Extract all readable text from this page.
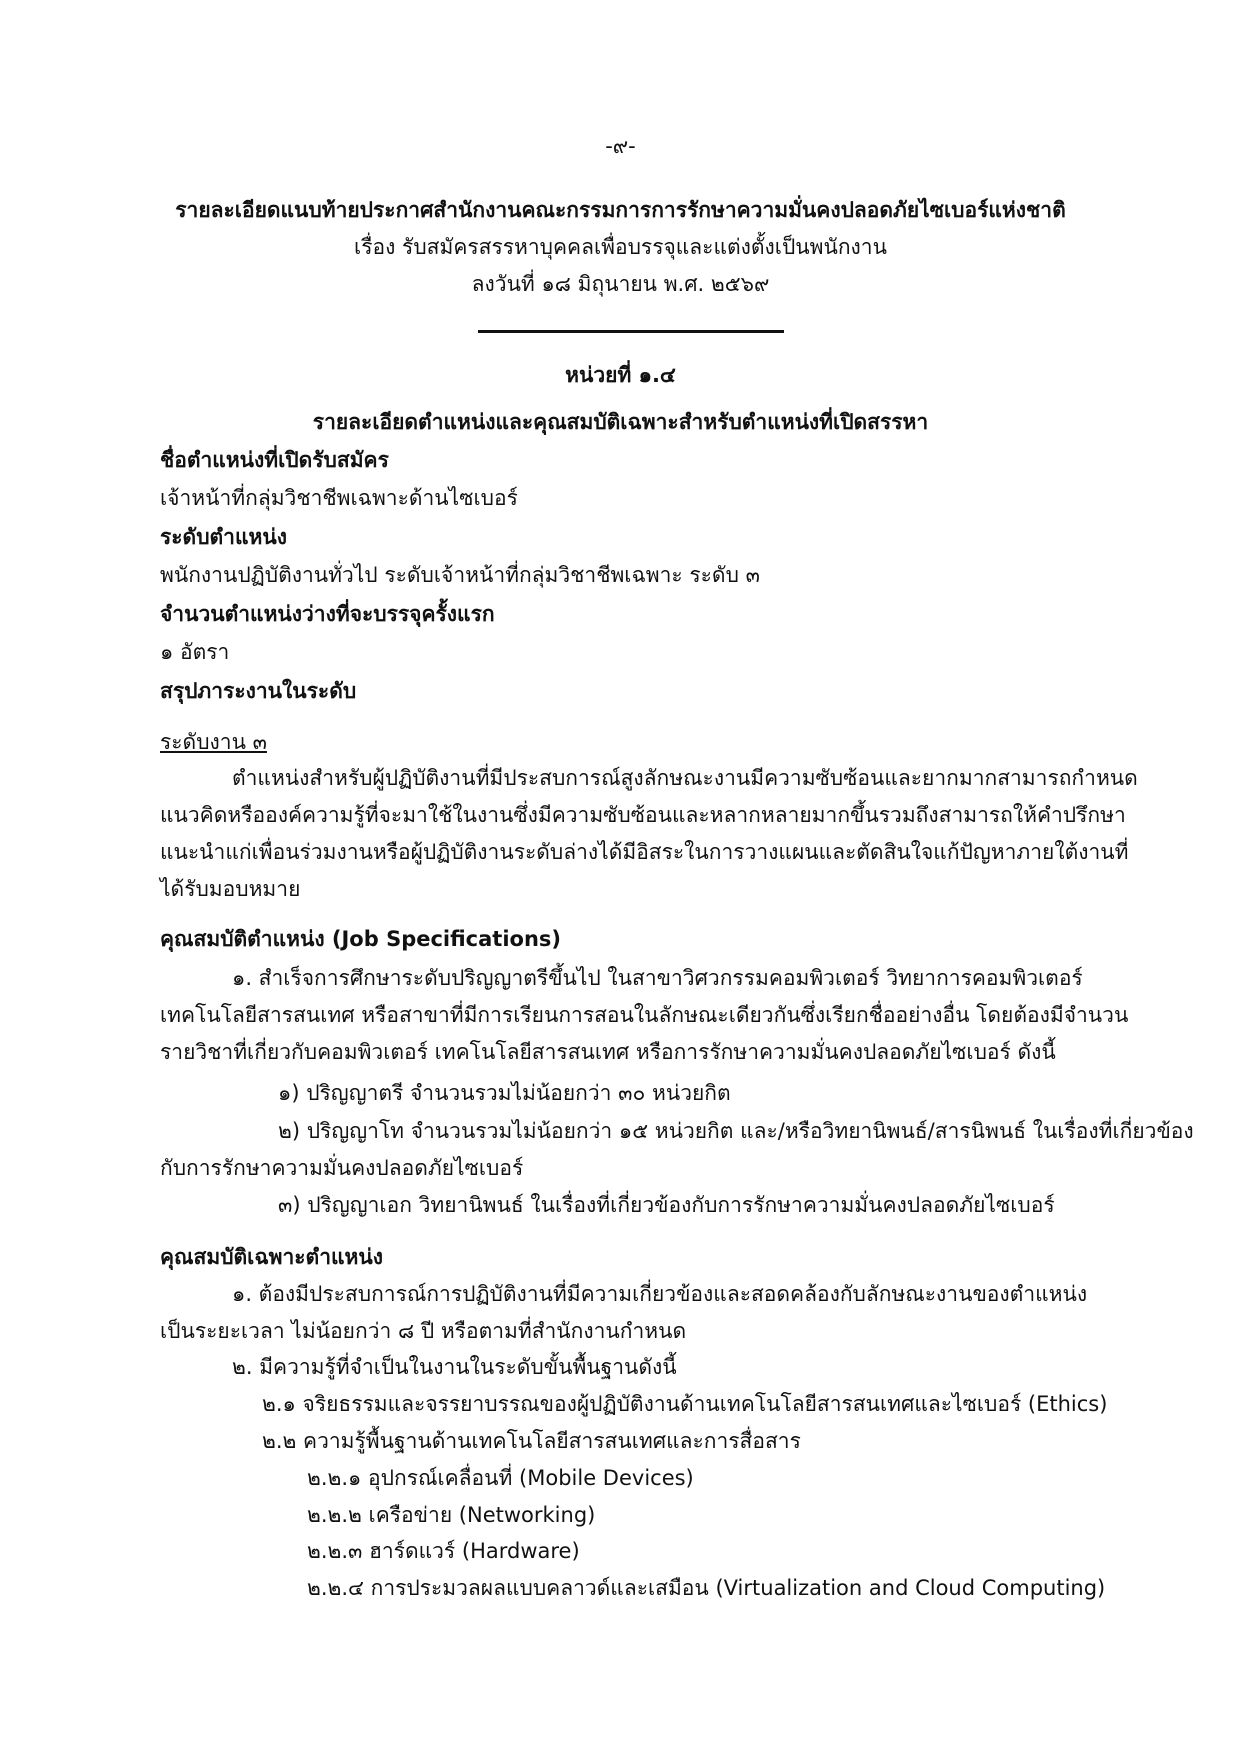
-๙-
รายละเอียดแนบท้ายประกาศสำนักงานคณะกรรมการการรักษาความมั่นคงปลอดภัยไซเบอร์แห่งชาติ
เรื่อง รับสมัครสรรหาบุคคลเพื่อบรรจุและแต่งตั้งเป็นพนักงาน
ลงวันที่ ๑๘ มิถุนายน พ.ศ. ๒๕๖๙
หน่วยที่ ๑.๔
รายละเอียดตำแหน่งและคุณสมบัติเฉพาะสำหรับตำแหน่งที่เปิดสรรหา
ชื่อตำแหน่งที่เปิดรับสมัคร
เจ้าหน้าที่กลุ่มวิชาชีพเฉพาะด้านไซเบอร์
ระดับตำแหน่ง
พนักงานปฏิบัติงานทั่วไป ระดับเจ้าหน้าที่กลุ่มวิชาชีพเฉพาะ ระดับ ๓
จำนวนตำแหน่งว่างที่จะบรรจุครั้งแรก
๑ อัตรา
สรุปภาระงานในระดับ
ระดับงาน ๓
ตำแหน่งสำหรับผู้ปฏิบัติงานที่มีประสบการณ์สูงลักษณะงานมีความซับซ้อนและยากมากสามารถกำหนด
แนวคิดหรือองค์ความรู้ที่จะมาใช้ในงานซึ่งมีความซับซ้อนและหลากหลายมากขึ้นรวมถึงสามารถให้คำปรึกษา
แนะนำแก่เพื่อนร่วมงานหรือผู้ปฏิบัติงานระดับล่างได้มีอิสระในการวางแผนและตัดสินใจแก้ปัญหาภายใต้งานที่
ได้รับมอบหมาย
คุณสมบัติตำแหน่ง (Job Specifications)
๑. สำเร็จการศึกษาระดับปริญญาตรีขึ้นไป ในสาขาวิศวกรรมคอมพิวเตอร์ วิทยาการคอมพิวเตอร์
เทคโนโลยีสารสนเทศ หรือสาขาที่มีการเรียนการสอนในลักษณะเดียวกันซึ่งเรียกชื่ออย่างอื่น โดยต้องมีจำนวน
รายวิชาที่เกี่ยวกับคอมพิวเตอร์ เทคโนโลยีสารสนเทศ หรือการรักษาความมั่นคงปลอดภัยไซเบอร์ ดังนี้
๑) ปริญญาตรี จำนวนรวมไม่น้อยกว่า ๓๐ หน่วยกิต
๒) ปริญญาโท จำนวนรวมไม่น้อยกว่า ๑๕ หน่วยกิต และ/หรือวิทยานิพนธ์/สารนิพนธ์ ในเรื่องที่เกี่ยวข้อง
กับการรักษาความมั่นคงปลอดภัยไซเบอร์
๓) ปริญญาเอก วิทยานิพนธ์ ในเรื่องที่เกี่ยวข้องกับการรักษาความมั่นคงปลอดภัยไซเบอร์
คุณสมบัติเฉพาะตำแหน่ง
๑. ต้องมีประสบการณ์การปฏิบัติงานที่มีความเกี่ยวข้องและสอดคล้องกับลักษณะงานของตำแหน่ง
เป็นระยะเวลา ไม่น้อยกว่า ๘ ปี หรือตามที่สำนักงานกำหนด
๒. มีความรู้ที่จำเป็นในงานในระดับขั้นพื้นฐานดังนี้
๒.๑ จริยธรรมและจรรยาบรรณของผู้ปฏิบัติงานด้านเทคโนโลยีสารสนเทศและไซเบอร์ (Ethics)
๒.๒ ความรู้พื้นฐานด้านเทคโนโลยีสารสนเทศและการสื่อสาร
๒.๒.๑ อุปกรณ์เคลื่อนที่ (Mobile Devices)
๒.๒.๒ เครือข่าย (Networking)
๒.๒.๓ ฮาร์ดแวร์ (Hardware)
๒.๒.๔ การประมวลผลแบบคลาวด์และเสมือน (Virtualization and Cloud Computing)
